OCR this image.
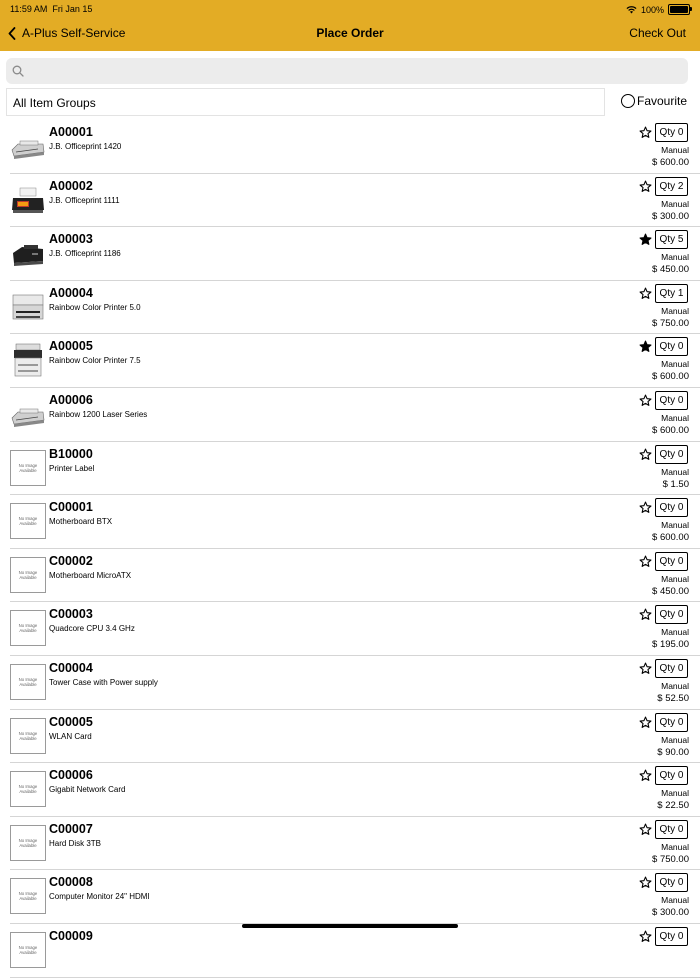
11:59 AM Fri Jan 15	100%
A-Plus Self-Service	Place Order	Check Out
All Item Groups	Favourite
A00001
J.B. Officeprint 1420
Qty 0
Manual
$ 600.00
A00002
J.B. Officeprint 1111
Qty 2
Manual
$ 300.00
A00003
J.B. Officeprint 1186
Qty 5
Manual
$ 450.00
A00004
Rainbow Color Printer 5.0
Qty 1
Manual
$ 750.00
A00005
Rainbow Color Printer 7.5
Qty 0
Manual
$ 600.00
A00006
Rainbow 1200 Laser Series
Qty 0
Manual
$ 600.00
No Image Available
B10000
Printer Label
Qty 0
Manual
$ 1.50
No Image Available
C00001
Motherboard BTX
Qty 0
Manual
$ 600.00
No Image Available
C00002
Motherboard MicroATX
Qty 0
Manual
$ 450.00
No Image Available
C00003
Quadcore CPU 3.4 GHz
Qty 0
Manual
$ 195.00
No Image Available
C00004
Tower Case with Power supply
Qty 0
Manual
$ 52.50
No Image Available
C00005
WLAN Card
Qty 0
Manual
$ 90.00
No Image Available
C00006
Gigabit Network Card
Qty 0
Manual
$ 22.50
No Image Available
C00007
Hard Disk 3TB
Qty 0
Manual
$ 750.00
No Image Available
C00008
Computer Monitor 24" HDMI
Qty 0
Manual
$ 300.00
No Image Available
C00009	Qty 0
